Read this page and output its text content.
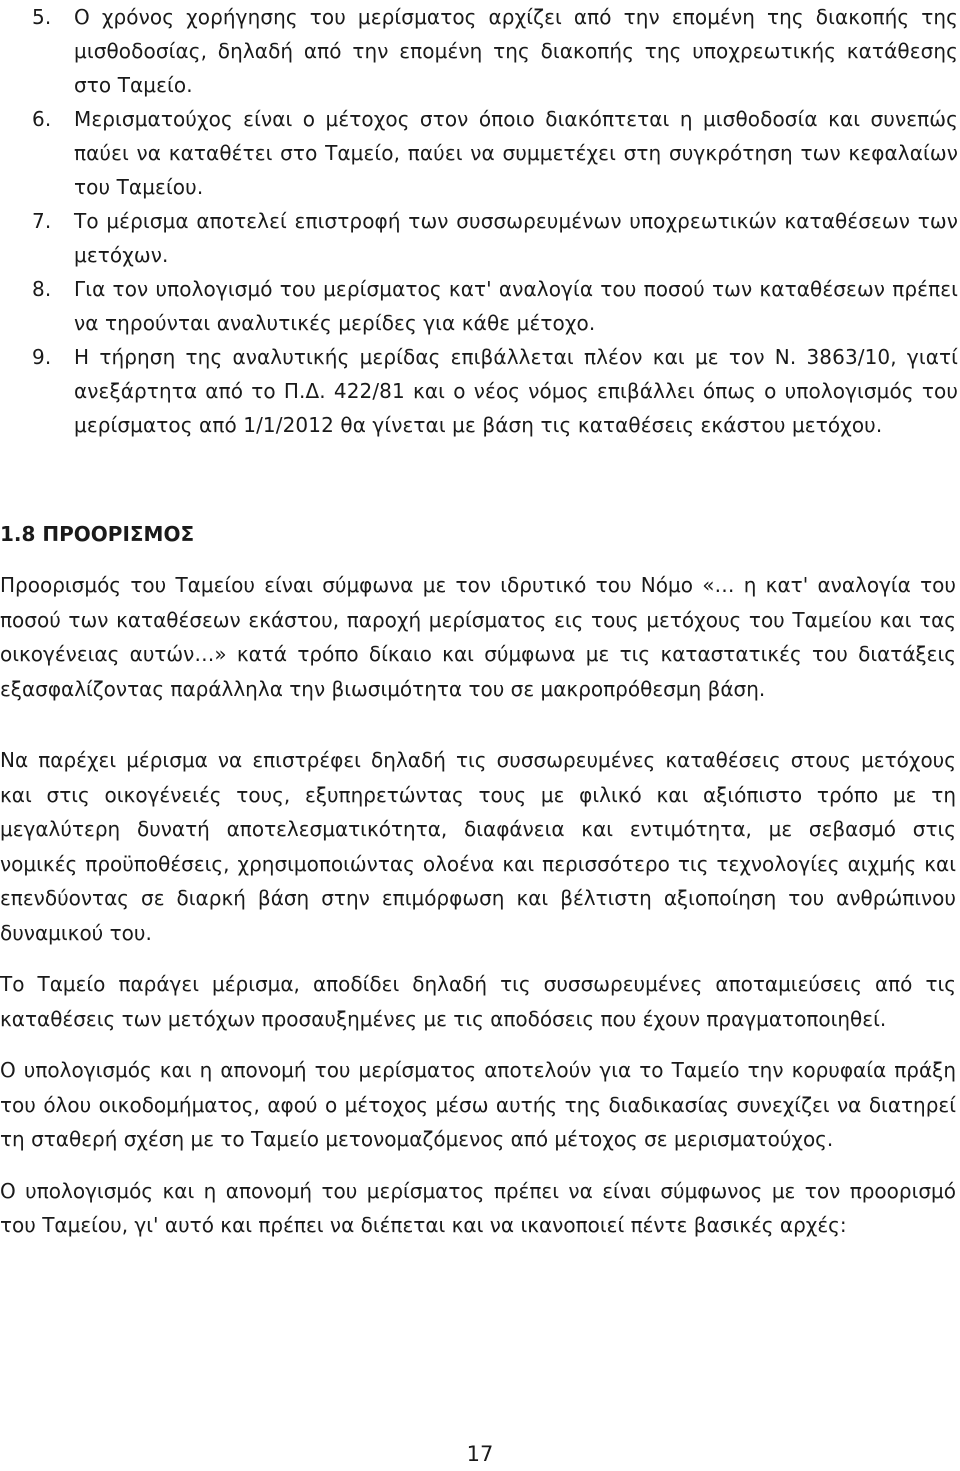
5. Ο χρόνος χορήγησης του μερίσματος αρχίζει από την επομένη της διακοπής της μισθοδοσίας, δηλαδή από την επομένη της διακοπής της υποχρεωτικής κατάθεσης στο Ταμείο.
6. Μερισματούχος είναι ο μέτοχος στον όποιο διακόπτεται η μισθοδοσία και συνεπώς παύει να καταθέτει στο Ταμείο, παύει να συμμετέχει στη συγκρότηση των κεφαλαίων του Ταμείου.
7. Το μέρισμα αποτελεί επιστροφή των συσσωρευμένων υποχρεωτικών καταθέσεων των μετόχων.
8. Για τον υπολογισμό του μερίσματος κατ' αναλογία του ποσού των καταθέσεων πρέπει να τηρούνται αναλυτικές μερίδες για κάθε μέτοχο.
9. Η τήρηση της αναλυτικής μερίδας επιβάλλεται πλέον και με τον Ν. 3863/10, γιατί ανεξάρτητα από το Π.Δ. 422/81 και ο νέος νόμος επιβάλλει όπως ο υπολογισμός του μερίσματος από 1/1/2012 θα γίνεται με βάση τις καταθέσεις εκάστου μετόχου.
1.8 ΠΡΟΟΡΙΣΜΟΣ

Προορισμός του Ταμείου είναι σύμφωνα με τον ιδρυτικό του Νόμο «… η κατ' αναλογία του ποσού των καταθέσεων εκάστου, παροχή μερίσματος εις τους μετόχους του Ταμείου και τας οικογένειας αυτών…» κατά τρόπο δίκαιο και σύμφωνα με τις καταστατικές του διατάξεις εξασφαλίζοντας παράλληλα την βιωσιμότητα του σε μακροπρόθεσμη βάση.

Να παρέχει μέρισμα να επιστρέφει δηλαδή τις συσσωρευμένες καταθέσεις στους μετόχους και στις οικογένειές τους, εξυπηρετώντας τους με φιλικό και αξιόπιστο τρόπο με τη μεγαλύτερη δυνατή αποτελεσματικότητα, διαφάνεια και εντιμότητα, με σεβασμό στις νομικές προϋποθέσεις, χρησιμοποιώντας ολοένα και περισσότερο τις τεχνολογίες αιχμής και επενδύοντας σε διαρκή βάση στην επιμόρφωση και βέλτιστη αξιοποίηση του ανθρώπινου δυναμικού του.

Το Ταμείο παράγει μέρισμα, αποδίδει δηλαδή τις συσσωρευμένες αποταμιεύσεις από τις καταθέσεις των μετόχων προσαυξημένες με τις αποδόσεις που έχουν πραγματοποιηθεί.

Ο υπολογισμός και η απονομή του μερίσματος αποτελούν για το Ταμείο την κορυφαία πράξη του όλου οικοδομήματος, αφού ο μέτοχος μέσω αυτής της διαδικασίας συνεχίζει να διατηρεί τη σταθερή σχέση με το Ταμείο μετονομαζόμενος από μέτοχος σε μερισματούχος.

Ο υπολογισμός και η απονομή του μερίσματος πρέπει να είναι σύμφωνος με τον προορισμό του Ταμείου, γι' αυτό και πρέπει να διέπεται και να ικανοποιεί πέντε βασικές αρχές:

17
